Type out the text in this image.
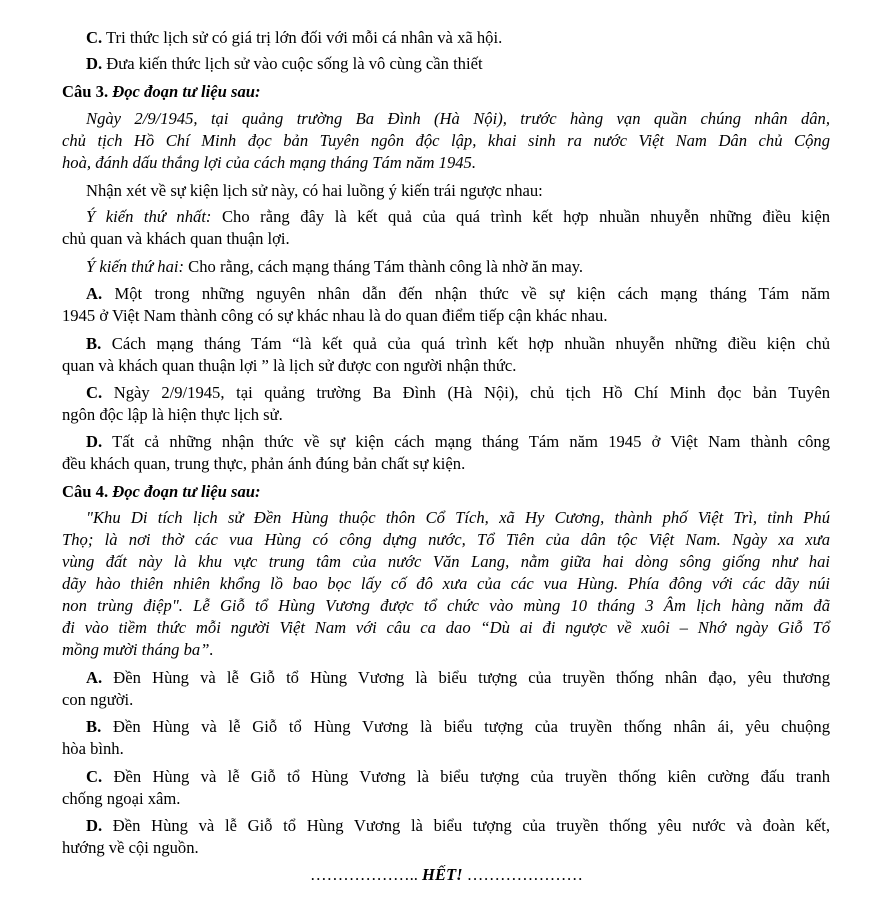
C. Tri thức lịch sử có giá trị lớn đối với mỗi cá nhân và xã hội.
D. Đưa kiến thức lịch sử vào cuộc sống là vô cùng cần thiết
Câu 3. Đọc đoạn tư liệu sau:
Ngày 2/9/1945, tại quảng trường Ba Đình (Hà Nội), trước hàng vạn quần chúng nhân dân,
chủ tịch Hồ Chí Minh đọc bản Tuyên ngôn độc lập, khai sinh ra nước Việt Nam Dân chủ Cộng
hoà, đánh dấu thắng lợi của cách mạng tháng Tám năm 1945.
Nhận xét về sự kiện lịch sử này, có hai luồng ý kiến trái ngược nhau:
Ý kiến thứ nhất: Cho rằng đây là kết quả của quá trình kết hợp nhuần nhuyễn những điều kiện
chủ quan và khách quan thuận lợi.
Ý kiến thứ hai: Cho rằng, cách mạng tháng Tám thành công là nhờ ăn may.
A. Một trong những nguyên nhân dẫn đến nhận thức về sự kiện cách mạng tháng Tám năm
1945 ở Việt Nam thành công có sự khác nhau là do quan điểm tiếp cận khác nhau.
B. Cách mạng tháng Tám “là kết quả của quá trình kết hợp nhuần nhuyễn những điều kiện chủ
quan và khách quan thuận lợi ” là lịch sử được con người nhận thức.
C. Ngày 2/9/1945, tại quảng trường Ba Đình (Hà Nội), chủ tịch Hồ Chí Minh đọc bản Tuyên
ngôn độc lập là hiện thực lịch sử.
D. Tất cả những nhận thức về sự kiện cách mạng tháng Tám năm 1945 ở Việt Nam thành công
đều khách quan, trung thực, phản ánh đúng bản chất sự kiện.
Câu 4. Đọc đoạn tư liệu sau:
"Khu Di tích lịch sử Đền Hùng thuộc thôn Cổ Tích, xã Hy Cương, thành phố Việt Trì, tỉnh Phú
Thọ; là nơi thờ các vua Hùng có công dựng nước, Tổ Tiên của dân tộc Việt Nam. Ngày xa xưa
vùng đất này là khu vực trung tâm của nước Văn Lang, nằm giữa hai dòng sông giống như hai
dãy hào thiên nhiên khổng lồ bao bọc lấy cố đô xưa của các vua Hùng. Phía đông với các dãy núi
non trùng điệp". Lễ Giỗ tổ Hùng Vương được tổ chức vào mùng 10 tháng 3 Âm lịch hàng năm đã
đi vào tiềm thức mỗi người Việt Nam với câu ca dao “Dù ai đi ngược về xuôi – Nhớ ngày Giỗ Tổ
mồng mười tháng ba”.
A. Đền Hùng và lễ Giỗ tổ Hùng Vương là biểu tượng của truyền thống nhân đạo, yêu thương
con người.
B. Đền Hùng và lễ Giỗ tổ Hùng Vương là biểu tượng của truyền thống nhân ái, yêu chuộng
hòa bình.
C. Đền Hùng và lễ Giỗ tổ Hùng Vương là biểu tượng của truyền thống kiên cường đấu tranh
chống ngoại xâm.
D. Đền Hùng và lễ Giỗ tổ Hùng Vương là biểu tượng của truyền thống yêu nước và đoàn kết,
hướng về cội nguồn.
……………….. HẾT! …………………
